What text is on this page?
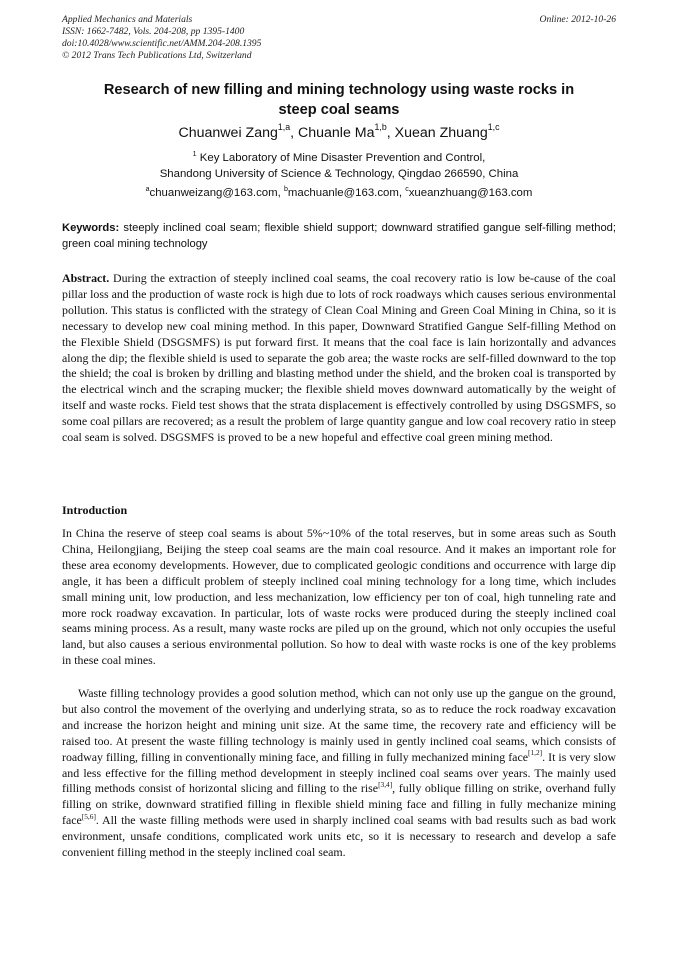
Applied Mechanics and Materials
ISSN: 1662-7482, Vols. 204-208, pp 1395-1400
doi:10.4028/www.scientific.net/AMM.204-208.1395
© 2012 Trans Tech Publications Ltd, Switzerland
Online: 2012-10-26
Research of new filling and mining technology using waste rocks in
steep coal seams
Chuanwei Zang$^{1,a}$, Chuanle Ma$^{1,b}$, Xuean Zhuang$^{1,c}$
$^1$ Key Laboratory of Mine Disaster Prevention and Control,
Shandong University of Science & Technology, Qingdao 266590, China
$^a$chuanweizang@163.com, $^b$machuanle@163.com, $^c$xueanzhuang@163.com
Keywords: steeply inclined coal seam; flexible shield support; downward stratified gangue self-filling method; green coal mining technology
Abstract. During the extraction of steeply inclined coal seams, the coal recovery ratio is low be-cause of the coal pillar loss and the production of waste rock is high due to lots of rock roadways which causes serious environmental pollution. This status is conflicted with the strategy of Clean Coal Mining and Green Coal Mining in China, so it is necessary to develop new coal mining method. In this paper, Downward Stratified Gangue Self-filling Method on the Flexible Shield (DSGSMFS) is put forward first. It means that the coal face is lain horizontally and advances along the dip; the flexible shield is used to separate the gob area; the waste rocks are self-filled downward to the top the shield; the coal is broken by drilling and blasting method under the shield, and the broken coal is transported by the electrical winch and the scraping mucker; the flexible shield moves downward automatically by the weight of itself and waste rocks. Field test shows that the strata displacement is effectively controlled by using DSGSMFS, so some coal pillars are recovered; as a result the problem of large quantity gangue and low coal recovery ratio in steep coal seam is solved. DSGSMFS is proved to be a new hopeful and effective coal green mining method.
Introduction
In China the reserve of steep coal seams is about 5%~10% of the total reserves, but in some areas such as South China, Heilongjiang, Beijing the steep coal seams are the main coal resource. And it makes an important role for these area economy developments. However, due to complicated geologic conditions and occurrence with large dip angle, it has been a difficult problem of steeply inclined coal mining technology for a long time, which includes small mining unit, low production, and less mechanization, low efficiency per ton of coal, high tunneling rate and more rock roadway excavation. In particular, lots of waste rocks were produced during the steeply inclined coal seams mining process. As a result, many waste rocks are piled up on the ground, which not only occupies the useful land, but also causes a serious environmental pollution. So how to deal with waste rocks is one of the key problems in these coal mines.
Waste filling technology provides a good solution method, which can not only use up the gangue on the ground, but also control the movement of the overlying and underlying strata, so as to reduce the rock roadway excavation and increase the horizon height and mining unit size. At the same time, the recovery rate and efficiency will be raised too. At present the waste filling technology is mainly used in gently inclined coal seams, which consists of roadway filling, filling in conventionally mining face, and filling in fully mechanized mining face[1,2]. It is very slow and less effective for the filling method development in steeply inclined coal seams over years. The mainly used filling methods consist of horizontal slicing and filling to the rise[3,4], fully oblique filling on strike, overhand fully filling on strike, downward stratified filling in flexible shield mining face and filling in fully mechanize mining face[5,6]. All the waste filling methods were used in sharply inclined coal seams with bad results such as bad work environment, unsafe conditions, complicated work units etc, so it is necessary to research and develop a safe convenient filling method in the steeply inclined coal seam.
